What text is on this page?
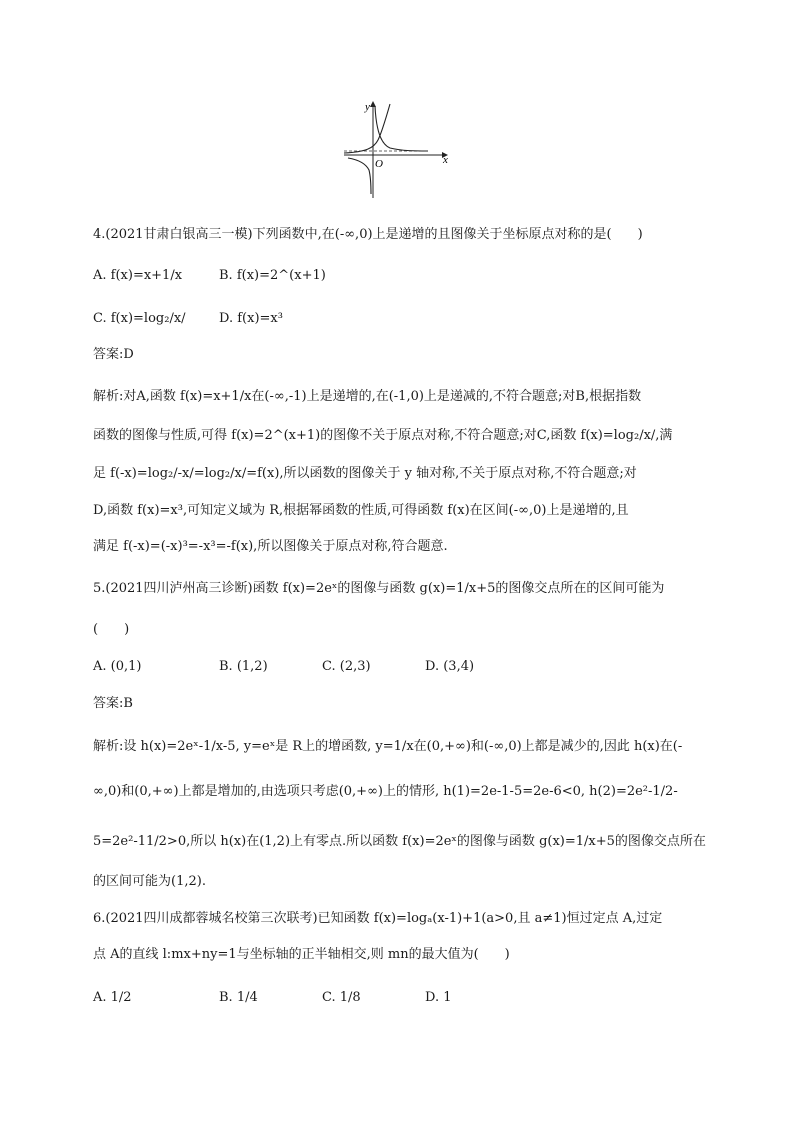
y
x
O
4.(2021甘肃白银高三一模)下列函数中,在(-∞,0)上是递增的且图像关于坐标原点对称的是(　　)
A. f(x)=x+1/x	B. f(x)=2^(x+1)
C. f(x)=log₂/x/	D. f(x)=x³
答案:D
解析:对A,函数 f(x)=x+1/x在(-∞,-1)上是递增的,在(-1,0)上是递减的,不符合题意;对B,根据指数
函数的图像与性质,可得 f(x)=2^(x+1)的图像不关于原点对称,不符合题意;对C,函数 f(x)=log₂/x/,满
足 f(-x)=log₂/-x/=log₂/x/=f(x),所以函数的图像关于 y 轴对称,不关于原点对称,不符合题意;对
D,函数 f(x)=x³,可知定义域为 R,根据幂函数的性质,可得函数 f(x)在区间(-∞,0)上是递增的,且
满足 f(-x)=(-x)³=-x³=-f(x),所以图像关于原点对称,符合题意.
5.(2021四川泸州高三诊断)函数 f(x)=2eˣ的图像与函数 g(x)=1/x+5的图像交点所在的区间可能为
(　　)
A. (0,1)	B. (1,2)	C. (2,3)	D. (3,4)
答案:B
解析:设 h(x)=2eˣ-1/x-5, y=eˣ是 R上的增函数, y=1/x在(0,+∞)和(-∞,0)上都是减少的,因此 h(x)在(-
∞,0)和(0,+∞)上都是增加的,由选项只考虑(0,+∞)上的情形, h(1)=2e-1-5=2e-6<0, h(2)=2e²-1/2-
5=2e²-11/2>0,所以 h(x)在(1,2)上有零点.所以函数 f(x)=2eˣ的图像与函数 g(x)=1/x+5的图像交点所在
的区间可能为(1,2).
6.(2021四川成都蓉城名校第三次联考)已知函数 f(x)=logₐ(x-1)+1(a>0,且 a≠1)恒过定点 A,过定
点 A的直线 l:mx+ny=1与坐标轴的正半轴相交,则 mn的最大值为(　　)
A. 1/2	B. 1/4	C. 1/8	D. 1
